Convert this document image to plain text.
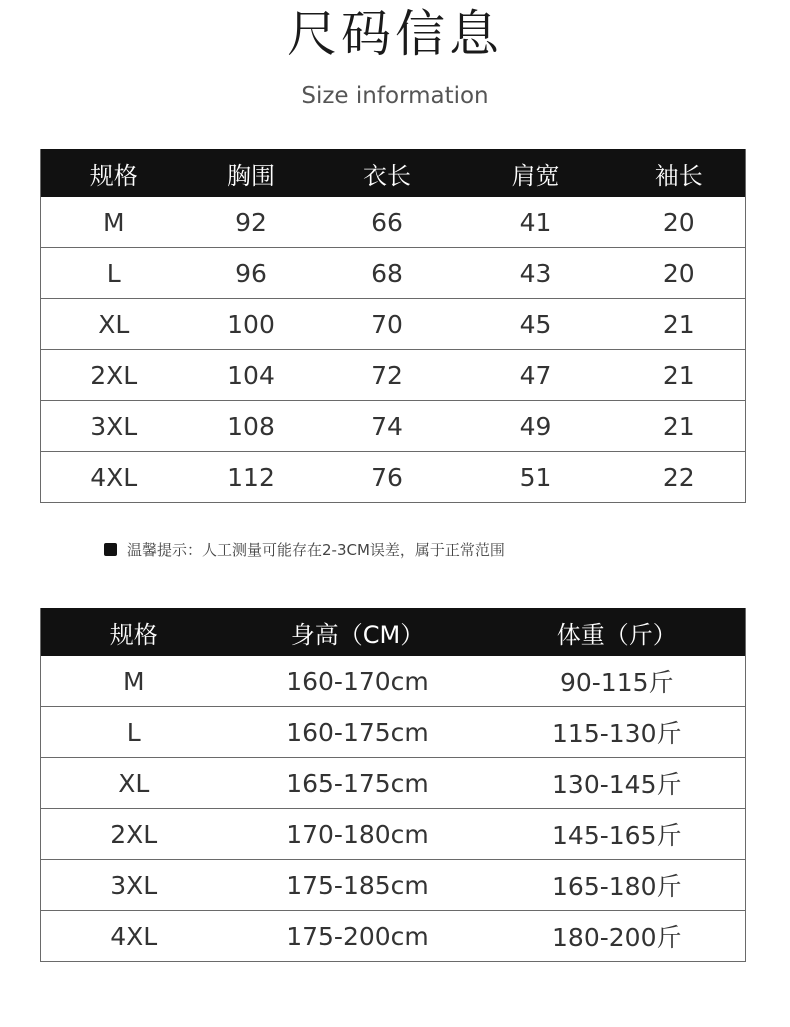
尺码信息
Size information
规格	胸围	衣长	肩宽	袖长
M	92	66	41	20
L	96	68	43	20
XL	100	70	45	21
2XL	104	72	47	21
3XL	108	74	49	21
4XL	112	76	51	22
温馨提示：人工测量可能存在2-3CM误差，属于正常范围
规格	身高（CM）	体重（斤）
M	160-170cm	90-115斤
L	160-175cm	115-130斤
XL	165-175cm	130-145斤
2XL	170-180cm	145-165斤
3XL	175-185cm	165-180斤
4XL	175-200cm	180-200斤
